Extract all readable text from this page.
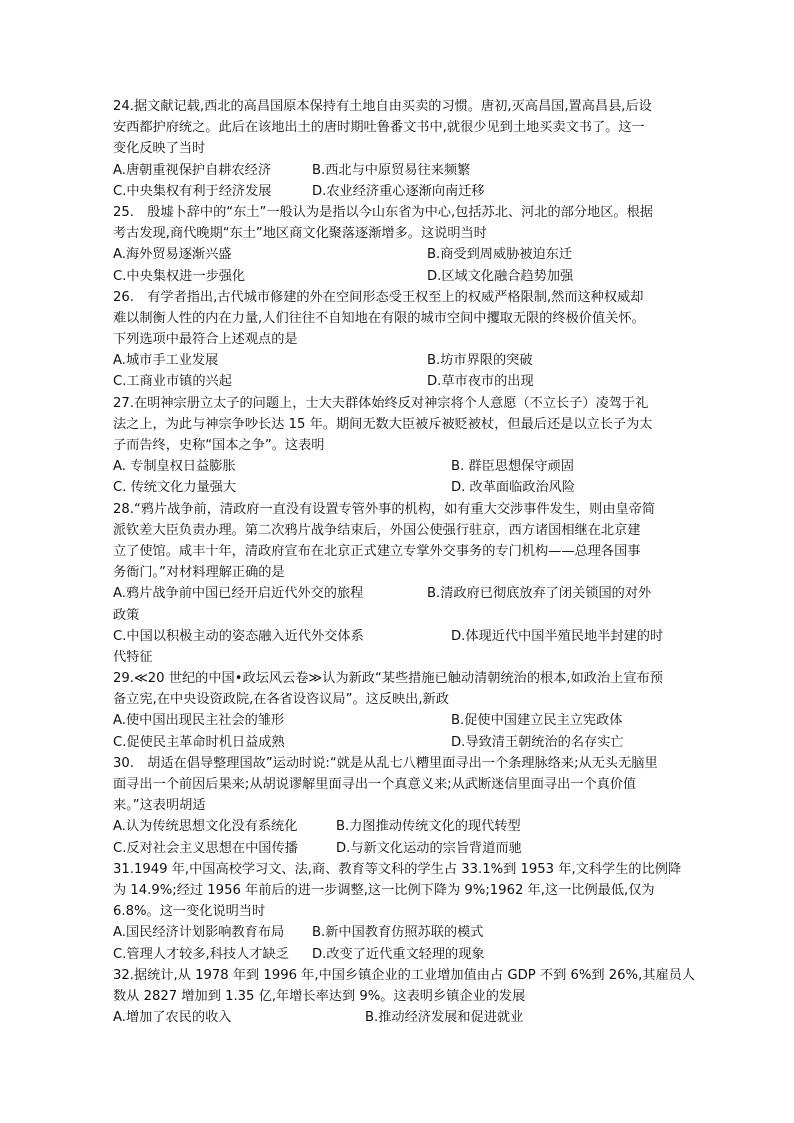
24.据文献记载,西北的高昌国原本保持有土地自由买卖的习惯。唐初,灭高昌国,置高昌县,后设
安西都护府统之。此后在该地出土的唐时期吐鲁番文书中,就很少见到土地买卖文书了。这一
变化反映了当时
A.唐朝重视保护自耕农经济	B.西北与中原贸易往来频繁
C.中央集权有利于经济发展	D.农业经济重心逐渐向南迁移
25.　殷墟卜辞中的“东土”一般认为是指以今山东省为中心,包括苏北、河北的部分地区。根据
考古发现,商代晚期“东土”地区商文化聚落逐渐增多。这说明当时
A.海外贸易逐渐兴盛	B.商受到周威胁被迫东迁
C.中央集权进一步强化	D.区域文化融合趋势加强
26.　有学者指出,古代城市修建的外在空间形态受王权至上的权威严格限制,然而这种权威却
难以制衡人性的内在力量,人们往往不自知地在有限的城市空间中攫取无限的终极价值关怀。
下列选项中最符合上述观点的是
A.城市手工业发展	B.坊市界限的突破
C.工商业市镇的兴起	D.草市夜市的出现
27.在明神宗册立太子的问题上，士大夫群体始终反对神宗将个人意愿（不立长子）凌驾于礼
法之上，为此与神宗争吵长达 15 年。期间无数大臣被斥被贬被杖，但最后还是以立长子为太
子而告终，史称“国本之争”。这表明
A. 专制皇权日益膨胀	B. 群臣思想保守顽固
C. 传统文化力量强大	D. 改革面临政治风险
28.“鸦片战争前，清政府一直没有设置专管外事的机构，如有重大交涉事件发生，则由皇帝简
派钦差大臣负责办理。第二次鸦片战争结束后，外国公使强行驻京，西方诸国相继在北京建
立了使馆。咸丰十年，清政府宣布在北京正式建立专掌外交事务的专门机构——总理各国事
务衙门。”对材料理解正确的是
A.鸦片战争前中国已经开启近代外交的旅程	B.清政府已彻底放弃了闭关锁国的对外
政策
C.中国以积极主动的姿态融入近代外交体系	D.体现近代中国半殖民地半封建的时
代特征
29.≪20 世纪的中国•政坛风云卷≫认为新政“某些措施已触动清朝统治的根本,如政治上宣布预
备立宪,在中央设资政院,在各省设咨议局”。这反映出,新政
A.使中国出现民主社会的雏形	B.促使中国建立民主立宪政体
C.促使民主革命时机日益成熟	D.导致清王朝统治的名存实亡
30.　胡适在倡导整理国故”运动时说:“就是从乱七八糟里面寻出一个条理脉络来;从无头无脑里
面寻出一个前因后果来;从胡说谬解里面寻出一个真意义来;从武断迷信里面寻出一个真价值
来。”这表明胡适
A.认为传统思想文化没有系统化	B.力图推动传统文化的现代转型
C.反对社会主义思想在中国传播	D.与新文化运动的宗旨背道而驰
31.1949 年,中国高校学习文、法,商、教育等文科的学生占 33.1%到 1953 年,文科学生的比例降
为 14.9%;经过 1956 年前后的进一步调整,这一比例下降为 9%;1962 年,这一比例最低,仅为
6.8%。这一变化说明当时
A.国民经济计划影响教育布局 B.新中国教育仿照苏联的模式
C.管理人才较多,科技人才缺乏 D.改变了近代重文轻理的现象
32.据统计,从 1978 年到 1996 年,中国乡镇企业的工业增加值由占 GDP 不到 6%到 26%,其雇员人
数从 2827 增加到 1.35 亿,年增长率达到 9%。这表明乡镇企业的发展
A.增加了农民的收入	B.推动经济发展和促进就业
